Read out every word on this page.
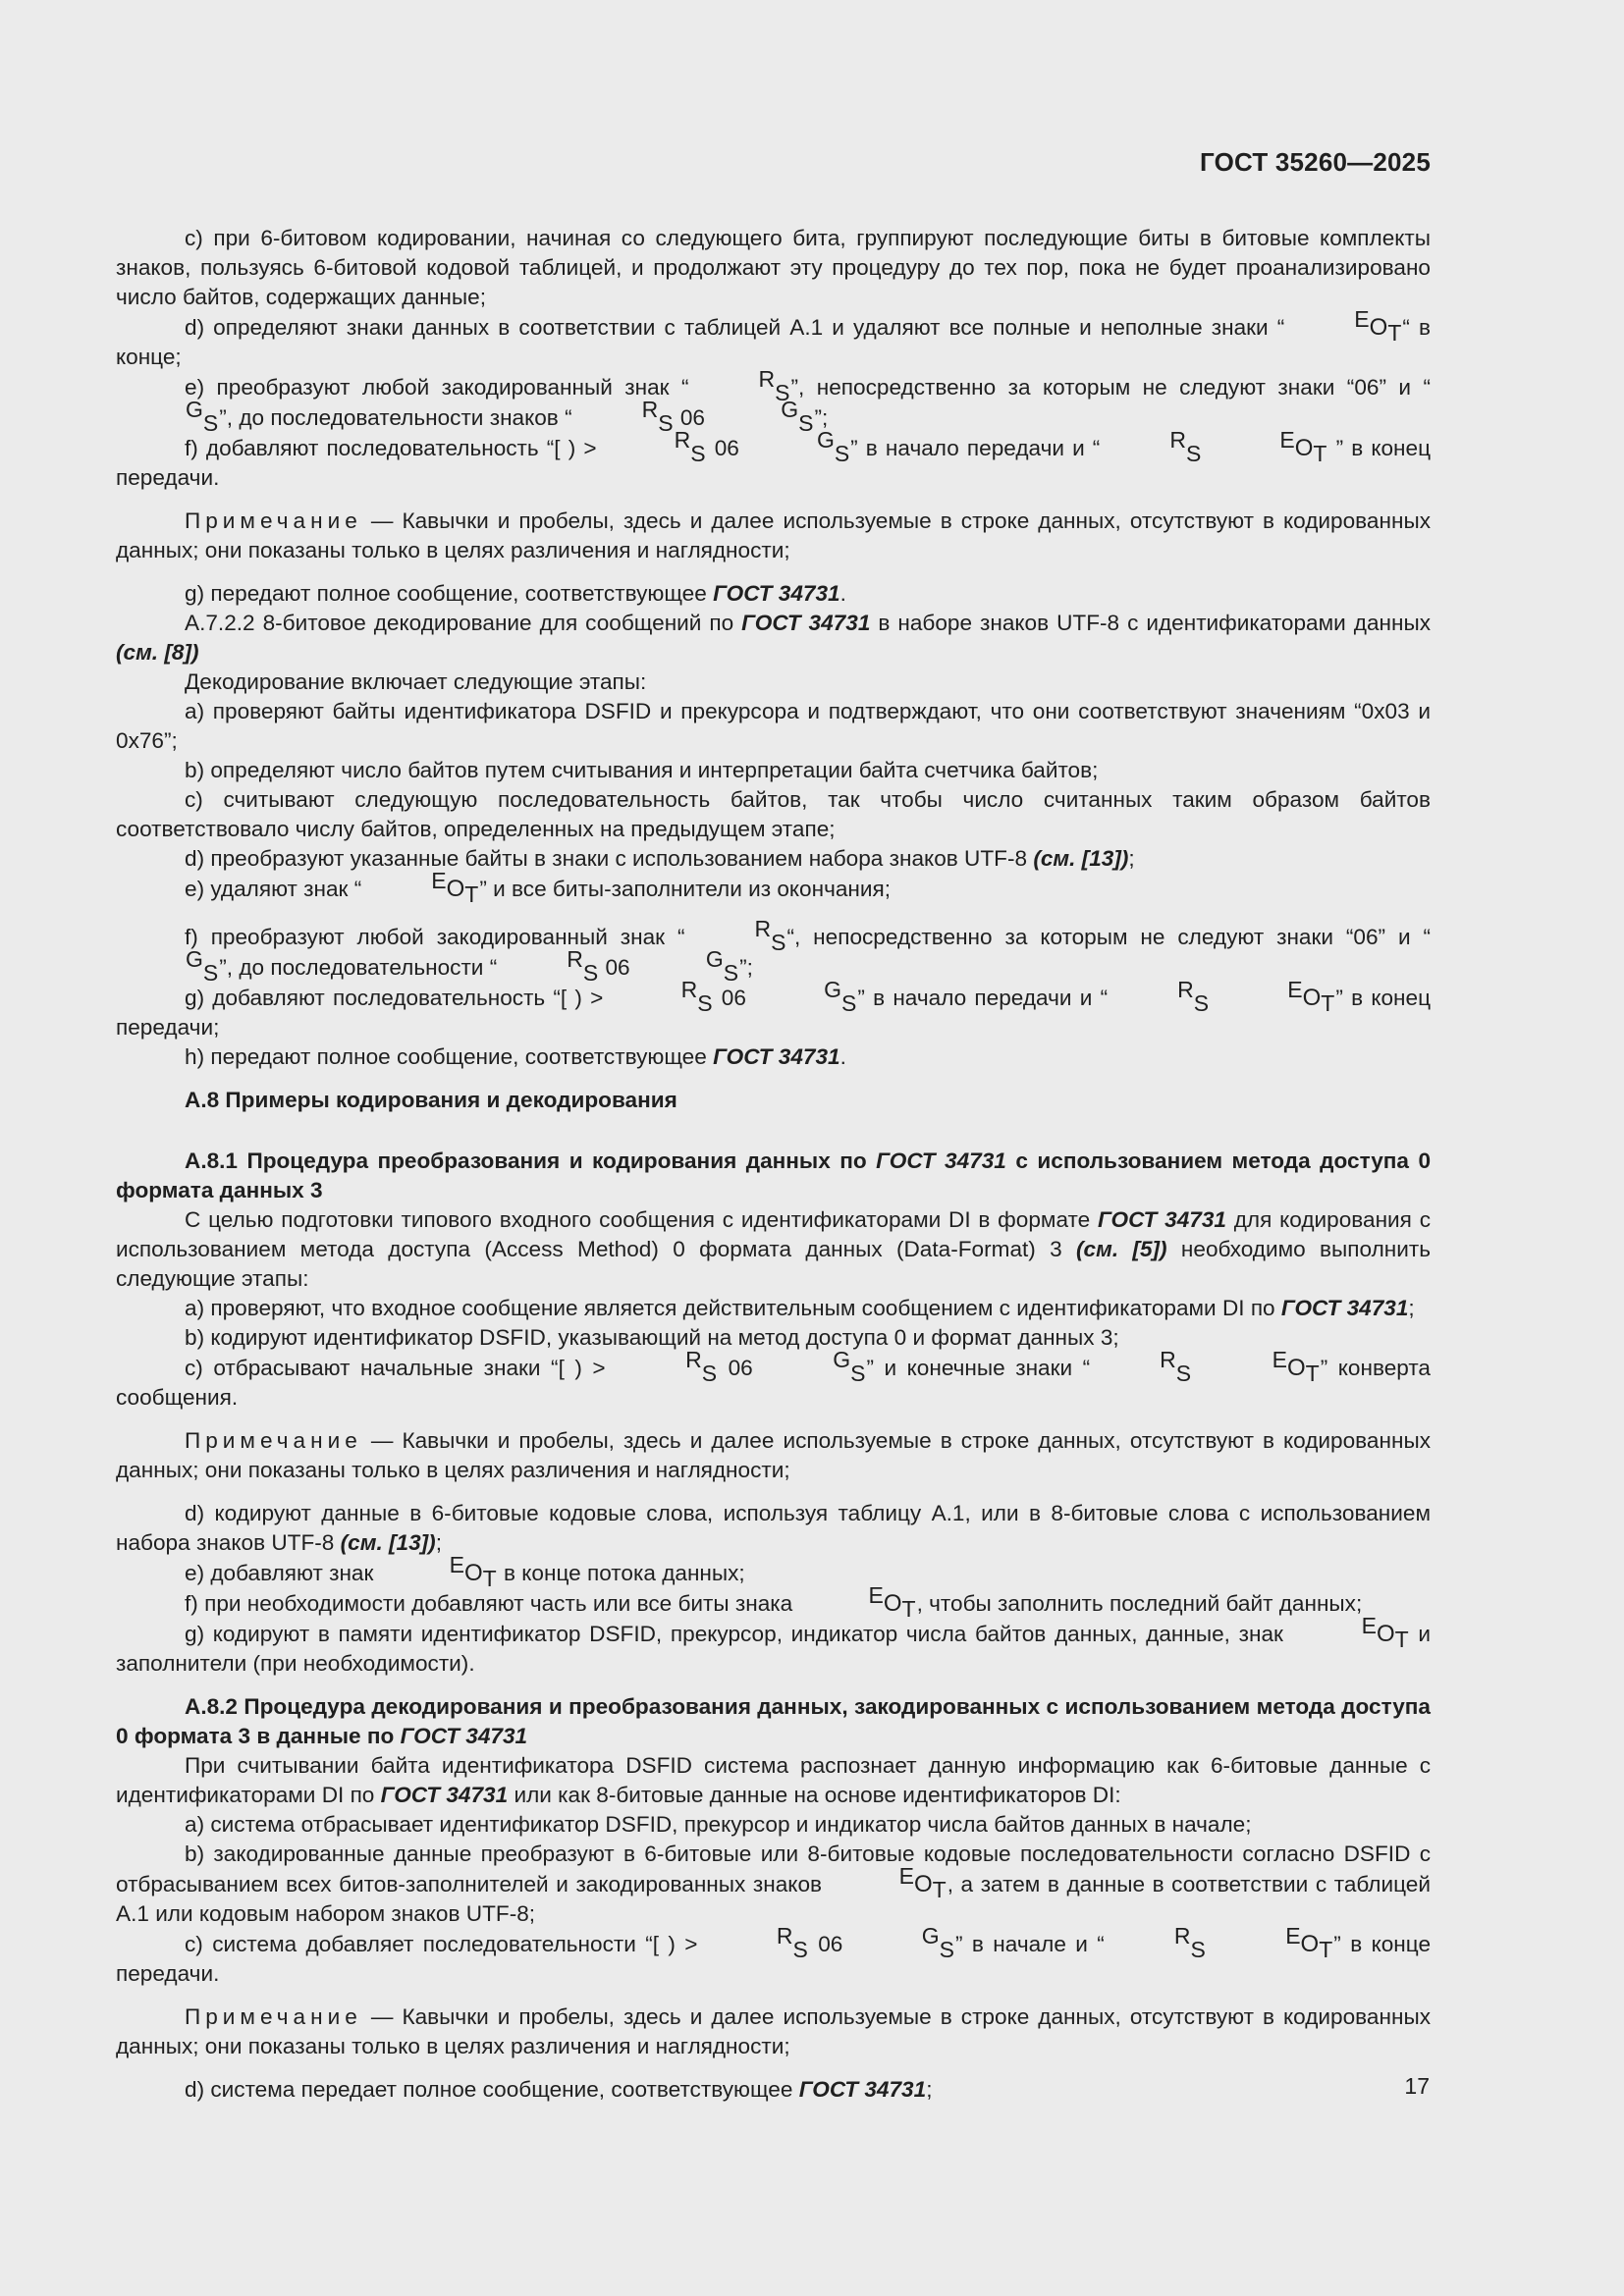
ГОСТ 35260—2025

c) при 6-битовом кодировании, начиная со следующего бита, группируют последующие биты в битовые комплекты знаков, пользуясь 6-битовой кодовой таблицей, и продолжают эту процедуру до тех пор, пока не будет проанализировано число байтов, содержащих данные;

d) определяют знаки данных в соответствии с таблицей А.1 и удаляют все полные и неполные знаки “	EOT“ в конце;

e) преобразуют любой закодированный знак “	RS”, непосредственно за которым не следуют знаки “06” и “GS”, до последовательности знаков “	RS 06	GS”;

f) добавляют последовательность “[ ) >	RS 06	GS” в начало передачи и “	RS EOT ” в конец передачи.

Примечание — Кавычки и пробелы, здесь и далее используемые в строке данных, отсутствуют в кодированных данных; они показаны только в целях различения и наглядности;

g) передают полное сообщение, соответствующее ГОСТ 34731.

А.7.2.2 8-битовое декодирование для сообщений по ГОСТ 34731 в наборе знаков UTF-8 с идентификаторами данных (см. [8])

Декодирование включает следующие этапы:

a) проверяют байты идентификатора DSFID и прекурсора и подтверждают, что они соответствуют значениям “0x03 и 0x76”;

b) определяют число байтов путем считывания и интерпретации байта счетчика байтов;

c) считывают следующую последовательность байтов, так чтобы число считанных таким образом байтов соответствовало числу байтов, определенных на предыдущем этапе;

d) преобразуют указанные байты в знаки с использованием набора знаков UTF-8 (см. [13]);

e) удаляют знак “	EOT” и все биты-заполнители из окончания;

f) преобразуют любой закодированный знак “	RS“, непосредственно за которым не следуют знаки “06” и “GS”, до последовательности “	RS 06	GS”;

g) добавляют последовательность “[ ) >	RS 06	GS” в начало передачи и “	RS EOT” в конец передачи;

h) передают полное сообщение, соответствующее ГОСТ 34731.

А.8 Примеры кодирования и декодирования

А.8.1 Процедура преобразования и кодирования данных по ГОСТ 34731 с использованием метода доступа 0 формата данных 3

С целью подготовки типового входного сообщения с идентификаторами DI в формате ГОСТ 34731 для кодирования с использованием метода доступа (Access Method) 0 формата данных (Data-Format) 3 (см. [5]) необходимо выполнить следующие этапы:

a) проверяют, что входное сообщение является действительным сообщением с идентификаторами DI по ГОСТ 34731;

b) кодируют идентификатор DSFID, указывающий на метод доступа 0 и формат данных 3;

c) отбрасывают начальные знаки “[ ) >	RS 06	GS” и конечные знаки “	RS EOT” конверта сообщения.

Примечание — Кавычки и пробелы, здесь и далее используемые в строке данных, отсутствуют в кодированных данных; они показаны только в целях различения и наглядности;

d) кодируют данные в 6-битовые кодовые слова, используя таблицу А.1, или в 8-битовые слова с использованием набора знаков UTF-8 (см. [13]);

e) добавляют знак	EOT в конце потока данных;

f) при необходимости добавляют часть или все биты знака	EOT, чтобы заполнить последний байт данных;

g) кодируют в памяти идентификатор DSFID, прекурсор, индикатор числа байтов данных, данные, знак	EOT и заполнители (при необходимости).

А.8.2 Процедура декодирования и преобразования данных, закодированных с использованием метода доступа 0 формата 3 в данные по ГОСТ 34731

При считывании байта идентификатора DSFID система распознает данную информацию как 6-битовые данные с идентификаторами DI по ГОСТ 34731 или как 8-битовые данные на основе идентификаторов DI:

a) система отбрасывает идентификатор DSFID, прекурсор и индикатор числа байтов данных в начале;

b) закодированные данные преобразуют в 6-битовые или 8-битовые кодовые последовательности согласно DSFID с отбрасыванием всех битов-заполнителей и закодированных знаков	EOT, а затем в данные в соответствии с таблицей А.1 или кодовым набором знаков UTF-8;

c) система добавляет последовательности “[ ) >	RS 06	GS” в начале и “	RS EOT” в конце передачи.

Примечание — Кавычки и пробелы, здесь и далее используемые в строке данных, отсутствуют в кодированных данных; они показаны только в целях различения и наглядности;

d) система передает полное сообщение, соответствующее ГОСТ 34731;	17
